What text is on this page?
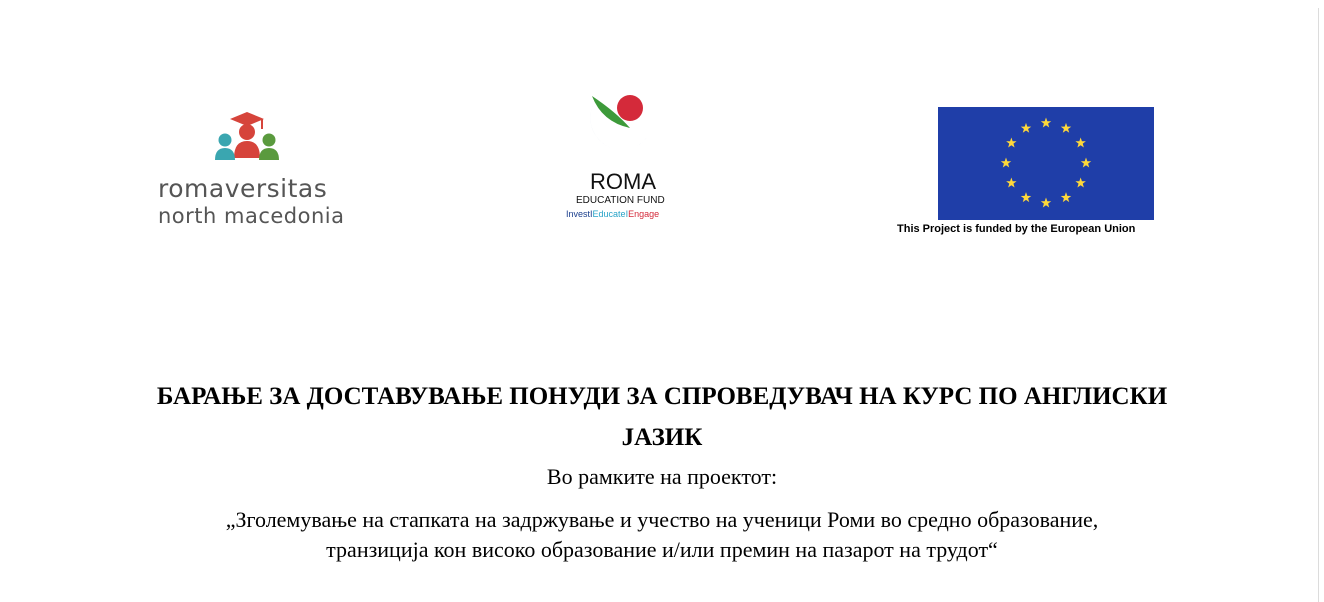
romaversitas
north macedonia
ROMA
EDUCATION FUND
InvestIEducateIEngage
This Project is funded by the European Union
БАРАЊЕ ЗА ДОСТАВУВАЊЕ ПОНУДИ ЗА СПРОВЕДУВАЧ НА КУРС ПО АНГЛИСКИ
ЈАЗИК
Во рамките на проектот:
„Зголемување на стапката на задржување и учество на ученици Роми во средно образование,
транзиција кон високо образование и/или премин на пазарот на трудот“
